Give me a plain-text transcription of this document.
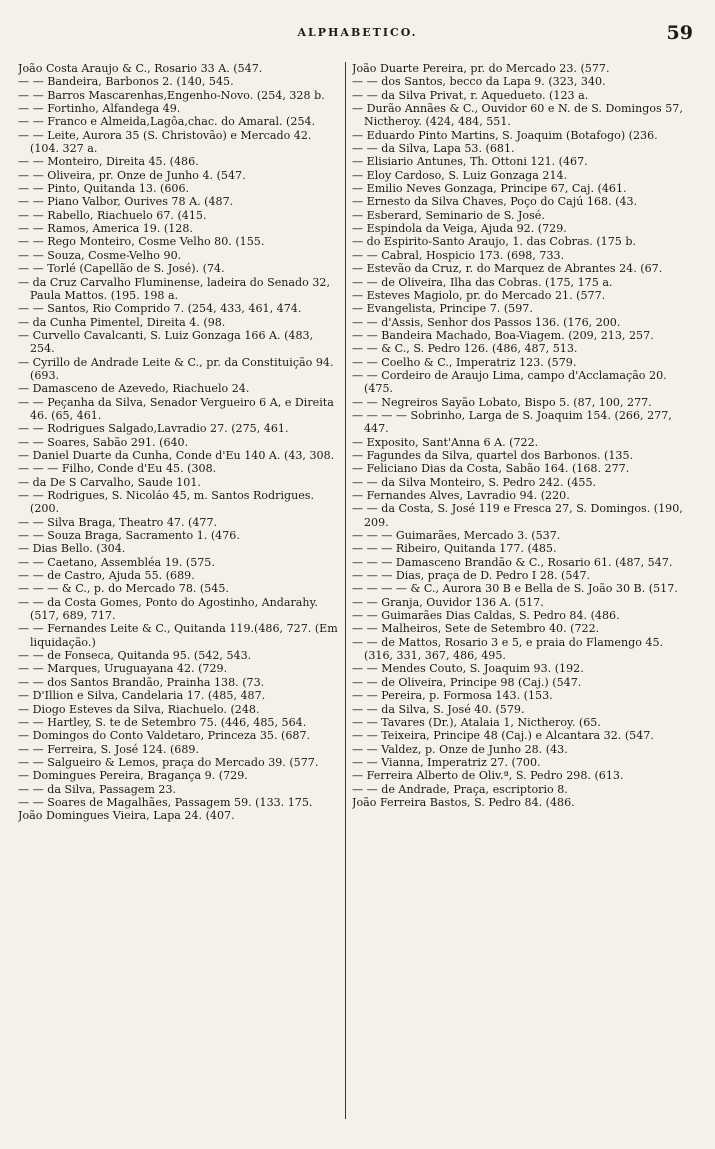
ALPHABETICO.	59

João Costa Araujo & C., Rosario 33 A. (547.

— — Bandeira, Barbonos 2. (140, 545.

— — Barros Mascarenhas,Engenho-Novo. (254, 328 b.

— — Fortinho, Alfandega 49.

— — Franco e Almeida,Lagôa,chac. do Amaral. (254.

— — Leite, Aurora 35 (S. Christovão) e Mercado 42. (104. 327 a.

— — Monteiro, Direita 45. (486.

— — Oliveira, pr. Onze de Junho 4. (547.

— — Pinto, Quitanda 13. (606.

— — Piano Valbor, Ourives 78 A. (487.

— — Rabello, Riachuelo 67. (415.

— — Ramos, America 19. (128.

— — Rego Monteiro, Cosme Velho 80. (155.

— — Souza, Cosme-Velho 90.

— — Torlé (Capellão de S. José). (74.

— da Cruz Carvalho Fluminense, ladeira do Senado 32, Paula Mattos. (195. 198 a.

— — Santos, Rio Comprido 7. (254, 433, 461, 474.

— da Cunha Pimentel, Direita 4. (98.

— Curvello Cavalcanti, S. Luiz Gonzaga 166 A. (483, 254.

— Cyrillo de Andrade Leite & C., pr. da Constituição 94. (693.

— Damasceno de Azevedo, Riachuelo 24.

— — Peçanha da Silva, Senador Vergueiro 6 A, e Direita 46. (65, 461.

— — Rodrigues Salgado,Lavradio 27. (275, 461.

— — Soares, Sabão 291. (640.

— Daniel Duarte da Cunha, Conde d'Eu 140 A. (43, 308.

— — — Filho, Conde d'Eu 45. (308.

— da De S Carvalho, Saude 101.

— — Rodrigues, S. Nicoláo 45, m. Santos Rodrigues. (200.

— — Silva Braga, Theatro 47. (477.

— — Souza Braga, Sacramento 1. (476.

— Dias Bello. (304.

— — Caetano, Assembléa 19. (575.

— — de Castro, Ajuda 55. (689.

— — — & C., p. do Mercado 78. (545.

— — da Costa Gomes, Ponto do Agostinho, Andarahy. (517, 689, 717.

— — Fernandes Leite & C., Quitanda 119.(486, 727. (Em liquidação.)

— — de Fonseca, Quitanda 95. (542, 543.

— — Marques, Uruguayana 42. (729.

— — dos Santos Brandão, Prainha 138. (73.

— D'Illion e Silva, Candelaria 17. (485, 487.

— Diogo Esteves da Silva, Riachuelo. (248.

— — Hartley, S. te de Setembro 75. (446, 485, 564.

— Domingos do Conto Valdetaro, Princeza 35. (687.

— — Ferreira, S. José 124. (689.

— — Salgueiro & Lemos, praça do Mercado 39. (577.

— Domingues Pereira, Bragança 9. (729.

— — da Silva, Passagem 23.

— — Soares de Magalhães, Passagem 59. (133. 175.

João Domingues Vieira, Lapa 24. (407.

João Duarte Pereira, pr. do Mercado 23. (577.

— — dos Santos, becco da Lapa 9. (323, 340.

— — da Silva Privat, r. Aquedueto. (123 a.

— Durão Annães & C., Ouvidor 60 e N. de S. Domingos 57, Nictheroy. (424, 484, 551.

— Eduardo Pinto Martins, S. Joaquim (Botafogo) (236.

— — da Silva, Lapa 53. (681.

— Elisiario Antunes, Th. Ottoni 121. (467.

— Eloy Cardoso, S. Luiz Gonzaga 214.

— Emilio Neves Gonzaga, Principe 67, Caj. (461.

— Ernesto da Silva Chaves, Poço do Cajú 168. (43.

— Esberard, Seminario de S. José.

— Espindola da Veiga, Ajuda 92. (729.

— do Espirito-Santo Araujo, 1. das Cobras. (175 b.

— — Cabral, Hospicio 173. (698, 733.

— Estevão da Cruz, r. do Marquez de Abrantes 24. (67.

— — de Oliveira, Ilha das Cobras. (175, 175 a.

— Esteves Magiolo, pr. do Mercado 21. (577.

— Evangelista, Principe 7. (597.

— — d'Assis, Senhor dos Passos 136. (176, 200.

— — Bandeira Machado, Boa-Viagem. (209, 213, 257.

— — & C., S. Pedro 126. (486, 487, 513.

— — Coelho & C., Imperatriz 123. (579.

— — Cordeiro de Araujo Lima, campo d'Acclamação 20. (475.

— — Negreiros Sayão Lobato, Bispo 5. (87, 100, 277.

— — — — Sobrinho, Larga de S. Joaquim 154. (266, 277, 447.

— Exposito, Sant'Anna 6 A. (722.

— Fagundes da Silva, quartel dos Barbonos. (135.

— Feliciano Dias da Costa, Sabão 164. (168. 277.

— — da Silva Monteiro, S. Pedro 242. (455.

— Fernandes Alves, Lavradio 94. (220.

— — da Costa, S. José 119 e Fresca 27, S. Domingos. (190, 209.

— — — Guimarães, Mercado 3. (537.

— — — Ribeiro, Quitanda 177. (485.

— — — Damasceno Brandão & C., Rosario 61. (487, 547.

— — — Dias, praça de D. Pedro I 28. (547.

— — — — & C., Aurora 30 B e Bella de S. João 30 B. (517.

— — Granja, Ouvidor 136 A. (517.

— — Guimarães Dias Caldas, S. Pedro 84. (486.

— — Malheiros, Sete de Setembro 40. (722.

— — de Mattos, Rosario 3 e 5, e praia do Flamengo 45. (316, 331, 367, 486, 495.

— — Mendes Couto, S. Joaquim 93. (192.

— — de Oliveira, Principe 98 (Caj.) (547.

— — Pereira, p. Formosa 143. (153.

— — da Silva, S. José 40. (579.

— — Tavares (Dr.), Atalaia 1, Nictheroy. (65.

— — Teixeira, Principe 48 (Caj.) e Alcantara 32. (547.

— — Valdez, p. Onze de Junho 28. (43.

— — Vianna, Imperatriz 27. (700.

— Ferreira Alberto de Oliv.ª, S. Pedro 298. (613.

— — de Andrade, Praça, escriptorio 8.

João Ferreira Bastos, S. Pedro 84. (486.
